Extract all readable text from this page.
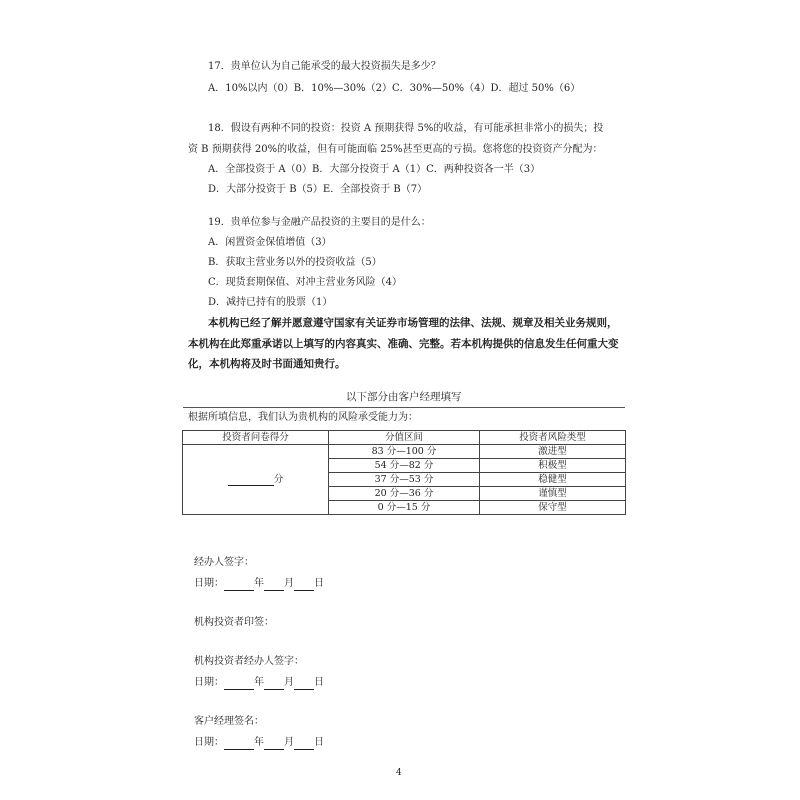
17．贵单位认为自己能承受的最大投资损失是多少？
A．10%以内（0）B．10%—30%（2）C．30%—50%（4）D．超过 50%（6）
18．假设有两种不同的投资：投资 A 预期获得 5%的收益，有可能承担非常小的损失；投
资 B 预期获得 20%的收益，但有可能面临 25%甚至更高的亏损。您将您的投资资产分配为：
A．全部投资于 A（0）B．大部分投资于 A（1）C．两种投资各一半（3）
D．大部分投资于 B（5）E．全部投资于 B（7）
19．贵单位参与金融产品投资的主要目的是什么：
A．闲置资金保值增值（3）
B．获取主营业务以外的投资收益（5）
C．现货套期保值、对冲主营业务风险（4）
D．减持已持有的股票（1）
本机构已经了解并愿意遵守国家有关证券市场管理的法律、法规、规章及相关业务规则，
本机构在此郑重承诺以上填写的内容真实、准确、完整。若本机构提供的信息发生任何重大变
化，本机构将及时书面通知贵行。
以下部分由客户经理填写
根据所填信息，我们认为贵机构的风险承受能力为：
投资者问卷得分	分值区间	投资者风险类型
分	83 分—100 分	激进型
	54 分—82 分	积极型
	37 分—53 分	稳健型
	20 分—36 分	谨慎型
	0 分—15 分	保守型
经办人签字：
日期：	年 月 日
机构投资者印签：
机构投资者经办人签字：
日期：	年 月 日
客户经理签名：
日期：	年 月 日
4
